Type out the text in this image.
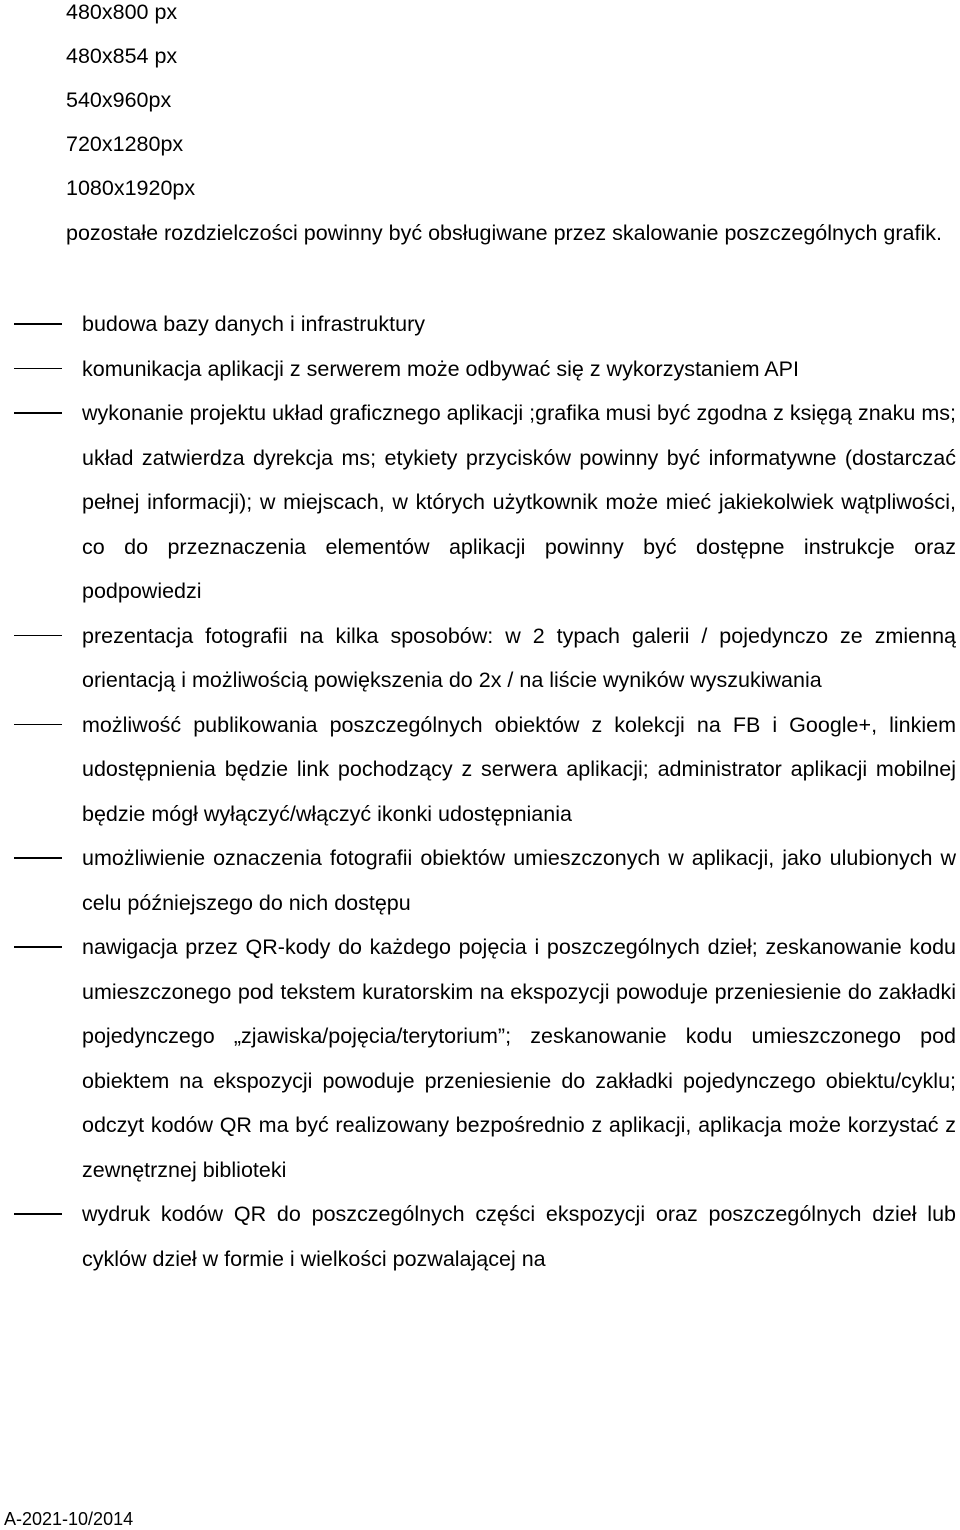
480x800 px
480x854 px
540x960px
720x1280px
1080x1920px
pozostałe rozdzielczości powinny być obsługiwane przez skalowanie poszczególnych grafik.
budowa bazy danych i infrastruktury
komunikacja aplikacji z serwerem może odbywać się z wykorzystaniem API
wykonanie projektu układ graficznego aplikacji ;grafika musi być zgodna z księgą znaku ms; układ zatwierdza dyrekcja ms; etykiety przycisków powinny być informatywne (dostarczać pełnej informacji); w miejscach, w których użytkownik może mieć jakiekolwiek wątpliwości, co do przeznaczenia elementów aplikacji powinny być dostępne instrukcje oraz podpowiedzi
prezentacja fotografii na kilka sposobów: w 2 typach galerii / pojedynczo ze zmienną orientacją i możliwością powiększenia do 2x / na liście wyników wyszukiwania
możliwość publikowania poszczególnych obiektów z kolekcji na FB i Google+, linkiem udostępnienia będzie link pochodzący z serwera aplikacji; administrator aplikacji mobilnej będzie mógł wyłączyć/włączyć ikonki udostępniania
umożliwienie oznaczenia fotografii obiektów umieszczonych w aplikacji, jako ulubionych w celu późniejszego do nich dostępu
nawigacja przez QR-kody do każdego pojęcia i poszczególnych dzieł; zeskanowanie kodu umieszczonego pod tekstem kuratorskim na ekspozycji powoduje przeniesienie do zakładki pojedynczego „zjawiska/pojęcia/terytorium”; zeskanowanie kodu umieszczonego pod obiektem na ekspozycji powoduje przeniesienie do zakładki pojedynczego obiektu/cyklu; odczyt kodów QR ma być realizowany bezpośrednio z aplikacji, aplikacja może korzystać z zewnętrznej biblioteki
wydruk kodów QR do poszczególnych części ekspozycji oraz poszczególnych dzieł lub cyklów dzieł w formie i wielkości pozwalającej na
A-2021-10/2014
